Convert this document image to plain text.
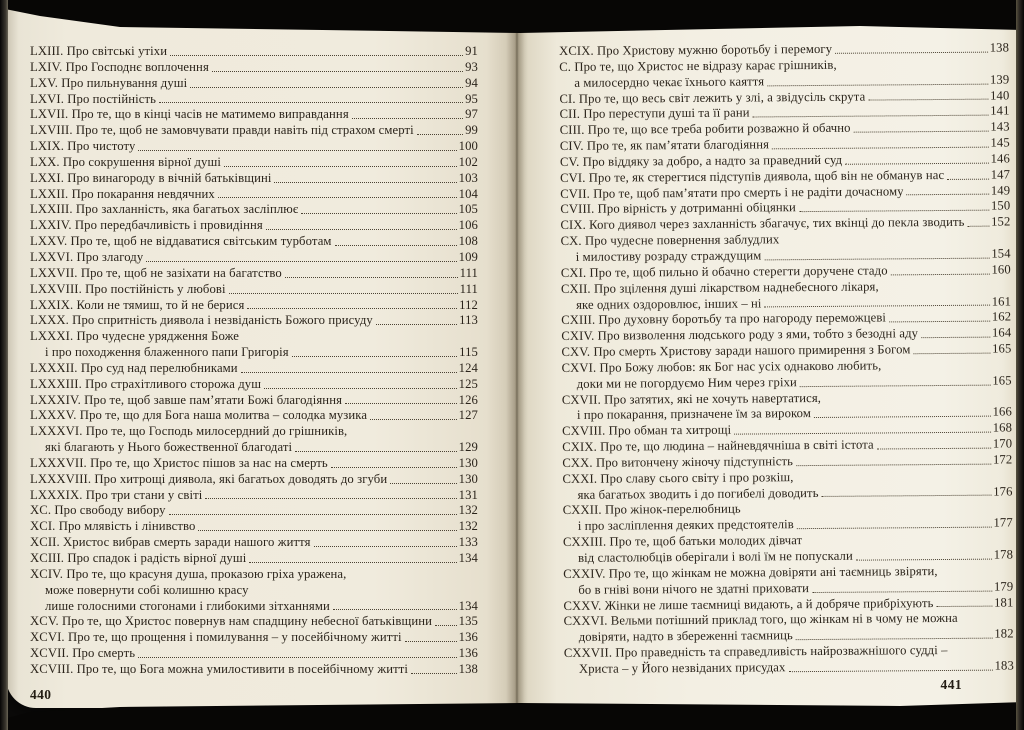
LXIII. Про світські утіхи	91
LXIV. Про Господнє воплочення	93
LXV. Про пильнування душі	94
LXVI. Про постійність	95
LXVII. Про те, що в кінці часів не матимемо виправдання	97
LXVIII. Про те, щоб не замовчувати правди навіть під страхом смерті	99
LXIX. Про чистоту	100
LXX. Про сокрушення вірної душі	102
LXXI. Про винагороду в вічній батьківщині	103
LXXII. Про покарання невдячних	104
LXXIII. Про захланність, яка багатьох засліплює	105
LXXIV. Про передбачливість і провидіння	106
LXXV. Про те, щоб не віддаватися світським турботам	108
LXXVI. Про злагоду	109
LXXVII. Про те, щоб не зазіхати на багатство	111
LXXVIII. Про постійність у любові	111
LXXIX. Коли не тямиш, то й не берися	112
LXXX. Про спритність диявола і незвіданість Божого присуду	113
LXXXI. Про чудесне урядження Боже
і про походження блаженного папи Григорія	115
LXXXII. Про суд над перелюбниками	124
LXXXIII. Про страхітливого сторожа душ	125
LXXXIV. Про те, щоб завше пам’ятати Божі благодіяння	126
LXXXV. Про те, що для Бога наша молитва – солодка музика	127
LXXXVI. Про те, що Господь милосердний до грішників,
які благають у Нього божественної благодаті	129
LXXXVII. Про те, що Христос пішов за нас на смерть	130
LXXXVIII. Про хитрощі диявола, які багатьох доводять до згуби	130
LXXXIX. Про три стани у світі	131
XC. Про свободу вибору	132
XCI. Про млявість і лінивство	132
XCII. Христос вибрав смерть заради нашого життя	133
XCIII. Про спадок і радість вірної душі	134
XCIV. Про те, що красуня душа, проказою гріха уражена,
може повернути собі колишню красу
лише голосними стогонами і глибокими зітханнями	134
XCV. Про те, що Христос повернув нам спадщину небесної батьківщини 135
XCVI. Про те, що прощення і помилування – у посейбічному житті	136
XCVII. Про смерть	136
XCVIII. Про те, що Бога можна умилостивити в посейбічному житті	138
440
XCIX. Про Христову мужню боротьбу і перемогу	138
C. Про те, що Христос не відразу карає грішників,
а милосердно чекає їхнього каяття	139
CI. Про те, що весь світ лежить у злі, а звідусіль скрута	140
CII. Про переступи душі та її рани	141
CIII. Про те, що все треба робити розважно й обачно	143
CIV. Про те, як пам’ятати благодіяння	145
CV. Про віддяку за добро, а надто за праведний суд	146
CVI. Про те, як стерегтися підступів диявола, щоб він не обманув нас	147
CVII. Про те, щоб пам’ятати про смерть і не радіти дочасному	149
CVIII. Про вірність у дотриманні обіцянки	150
CIX. Кого диявол через захланність збагачує, тих вкінці до пекла зводить 152
CX. Про чудесне повернення заблудлих
і милостиву розраду страждущим	154
CXI. Про те, щоб пильно й обачно стерегти доручене стадо	160
CXII. Про зцілення душі лікарством наднебесного лікаря,
яке одних оздоровлює, інших – ні	161
CXIII. Про духовну боротьбу та про нагороду переможцеві	162
CXIV. Про визволення людського роду з ями, тобто з безодні аду	164
CXV. Про смерть Христову заради нашого примирення з Богом	165
CXVI. Про Божу любов: як Бог нас усіх однаково любить,
доки ми не погордуємо Ним через гріхи	165
CXVII. Про затятих, які не хочуть навертатися,
і про покарання, призначене їм за вироком	166
CXVIII. Про обман та хитрощі	168
CXIX. Про те, що людина – найневдячніша в світі істота	170
CXX. Про витончену жіночу підступність	172
CXXI. Про славу сього світу і про розкіш,
яка багатьох зводить і до погибелі доводить	176
CXXII. Про жінок-перелюбниць
і про засліплення деяких предстоятелів	177
CXXIII. Про те, щоб батьки молодих дівчат
від сластолюбців оберігали і волі їм не попускали	178
CXXIV. Про те, що жінкам не можна довіряти ані таємниць звіряти,
бо в гніві вони нічого не здатні приховати	179
CXXV. Жінки не лише таємниці видають, а й добряче прибріхують	181
CXXVI. Вельми потішний приклад того, що жінкам ні в чому не можна
довіряти, надто в збереженні таємниць	182
CXXVII. Про праведність та справедливість найрозважнішого судді –
Христа – у Його незвіданих присудах	183
441
